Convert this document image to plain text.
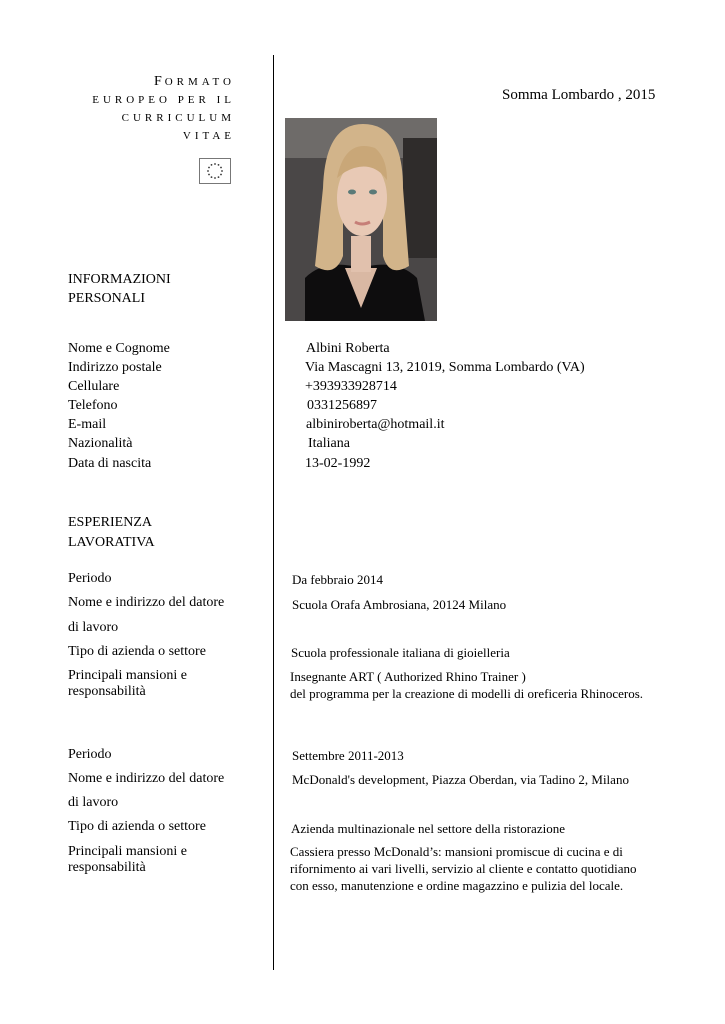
FORMATO
EUROPEO PER IL
CURRICULUM
VITAE
Somma Lombardo , 2015
INFORMAZIONI
PERSONALI
Nome e Cognome
Indirizzo postale
Cellulare
Telefono
E-mail
Nazionalità
Data di nascita
Albini Roberta
Via Mascagni 13, 21019, Somma Lombardo (VA)
+393933928714
0331256897
albiniroberta@hotmail.it
Italiana
13-02-1992
ESPERIENZA
LAVORATIVA
Periodo
Nome e indirizzo del datore
di lavoro
Tipo di azienda o settore
Principali mansioni e
responsabilità
Da febbraio 2014
Scuola Orafa Ambrosiana, 20124 Milano
Scuola professionale italiana di gioielleria
Insegnante ART ( Authorized Rhino Trainer )
del programma per la creazione di modelli di oreficeria Rhinoceros.
Periodo
Nome e indirizzo del datore
di lavoro
Tipo di azienda o settore
Principali mansioni e
responsabilità
Settembre 2011-2013
McDonald's development, Piazza Oberdan, via Tadino 2, Milano
Azienda multinazionale nel settore della ristorazione
Cassiera presso McDonald’s: mansioni promiscue di cucina e di
rifornimento ai vari livelli, servizio al cliente e contatto quotidiano
con esso, manutenzione e ordine magazzino e pulizia del locale.
